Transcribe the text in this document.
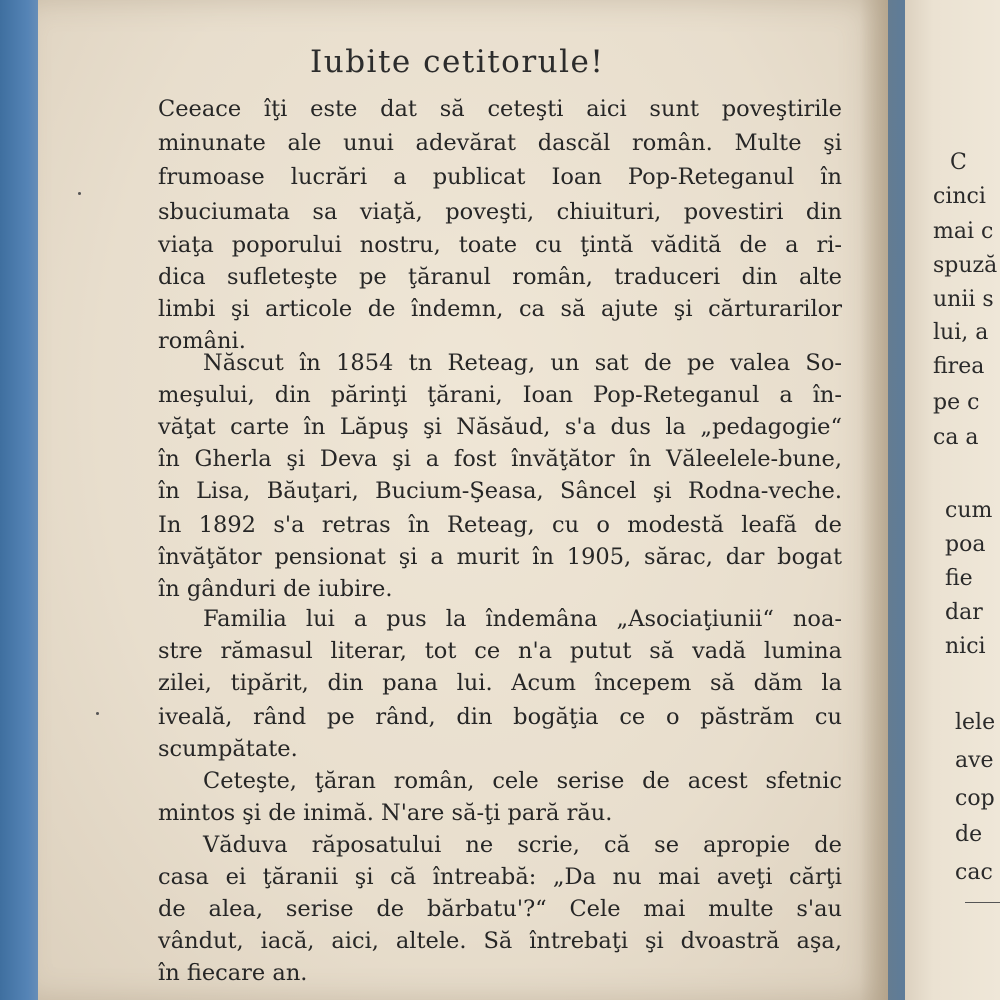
Iubite cetitorule!
Ceeace îţi este dat să ceteşti aici sunt poveştirile
minunate ale unui adevărat dascăl român. Multe şi
frumoase lucrări a publicat Ioan Pop-Reteganul în
sbuciumata sa viaţă, poveşti, chiuituri, povestiri din
viaţa poporului nostru, toate cu ţintă vădită de a ri-
dica sufleteşte pe ţăranul român, traduceri din alte
limbi şi articole de îndemn, ca să ajute şi cărturarilor
români.
Născut în 1854 tn Reteag, un sat de pe valea So-
meşului, din părinţi ţărani, Ioan Pop-Reteganul a în-
văţat carte în Lăpuş şi Năsăud, s'a dus la „pedagogie“
în Gherla şi Deva şi a fost învăţător în Văleelele-bune,
în Lisa, Băuţari, Bucium-Şeasa, Sâncel şi Rodna-veche.
In 1892 s'a retras în Reteag, cu o modestă leafă de
învăţător pensionat şi a murit în 1905, sărac, dar bogat
în gânduri de iubire.
Familia lui a pus la îndemâna „Asociaţiunii“ noa-
stre rămasul literar, tot ce n'a putut să vadă lumina
zilei, tipărit, din pana lui. Acum începem să dăm la
iveală, rând pe rând, din bogăţia ce o păstrăm cu
scumpătate.
Ceteşte, ţăran român, cele serise de acest sfetnic
mintos şi de inimă. N'are să-ţi pară rău.
Văduva răposatului ne scrie, că se apropie de
casa ei ţăranii şi că întreabă: „Da nu mai aveţi cărţi
de alea, serise de bărbatu'?“ Cele mai multe s'au
vândut, iacă, aici, altele. Să întrebaţi şi dvoastră aşa,
în fiecare an.
C
cinci
mai c
spuză
unii s
lui, a
firea
pe c
ca a
cum
poa
fie
dar
nici
lele
ave
cop
de
cac
